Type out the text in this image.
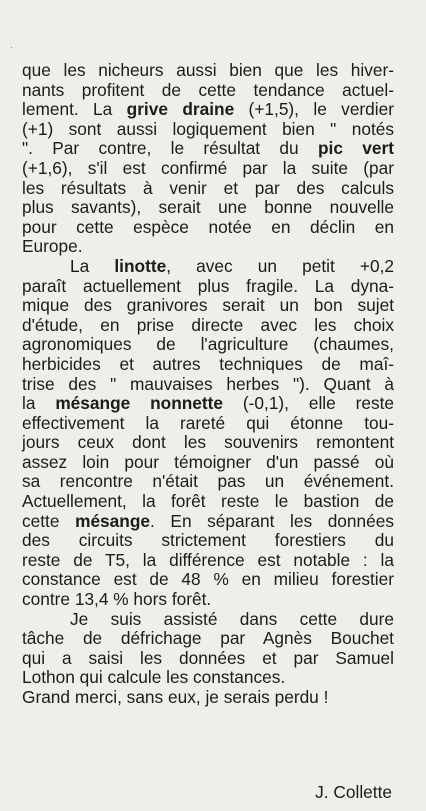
·
que les nicheurs aussi bien que les hiver-
nants profitent de cette tendance actuel-
lement. La grive draine (+1,5), le verdier
(+1) sont aussi logiquement bien " notés
". Par contre, le résultat du pic vert
(+1,6), s'il est confirmé par la suite (par
les résultats à venir et par des calculs
plus savants), serait une bonne nouvelle
pour cette espèce notée en déclin en
Europe.
La linotte, avec un petit +0,2
paraît actuellement plus fragile. La dyna-
mique des granivores serait un bon sujet
d'étude, en prise directe avec les choix
agronomiques de l'agriculture (chaumes,
herbicides et autres techniques de maî-
trise des " mauvaises herbes "). Quant à
la mésange nonnette (-0,1), elle reste
effectivement la rareté qui étonne tou-
jours ceux dont les souvenirs remontent
assez loin pour témoigner d'un passé où
sa rencontre n'était pas un événement.
Actuellement, la forêt reste le bastion de
cette mésange. En séparant les données
des circuits strictement forestiers du
reste de T5, la différence est notable : la
constance est de 48 % en milieu forestier
contre 13,4 % hors forêt.
Je suis assisté dans cette dure
tâche de défrichage par Agnès Bouchet
qui a saisi les données et par Samuel
Lothon qui calcule les constances.
Grand merci, sans eux, je serais perdu !
J. Collette
